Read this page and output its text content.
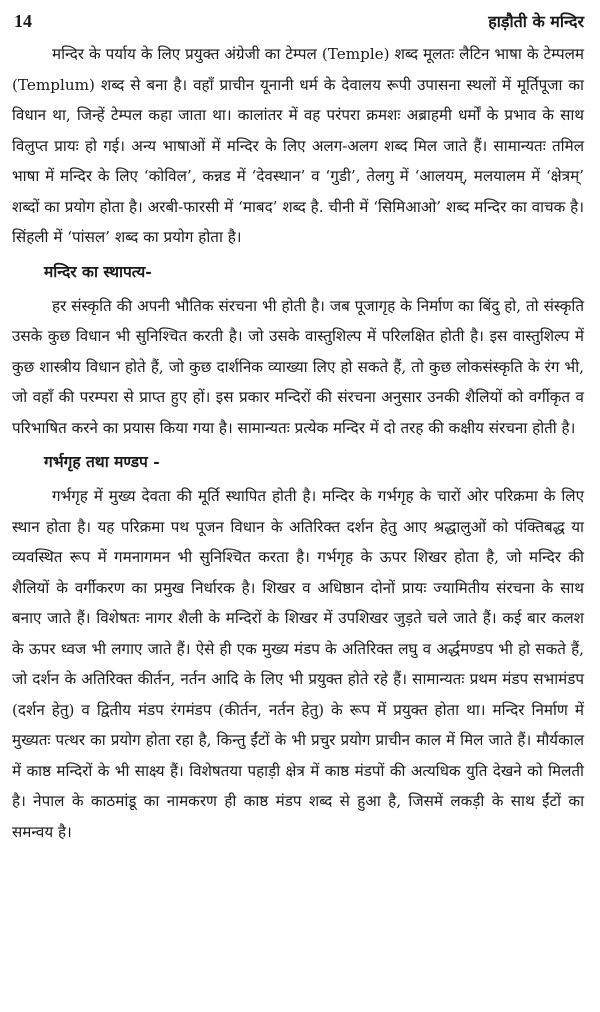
14	हाड़ौती के मन्दिर

मन्दिर के पर्याय के लिए प्रयुक्त अंग्रेजी का टेम्पल (Temple) शब्द मूलतः लैटिन भाषा के टेम्पलम (Templum) शब्द से बना है। वहाँ प्राचीन यूनानी धर्म के देवालय रूपी उपासना स्थलों में मूर्तिपूजा का विधान था, जिन्हें टेम्पल कहा जाता था। कालांतर में वह परंपरा क्रमशः अब्राहमी धर्मों के प्रभाव के साथ विलुप्त प्रायः हो गई। अन्य भाषाओं में मन्दिर के लिए अलग-अलग शब्द मिल जाते हैं। सामान्यतः तमिल भाषा में मन्दिर के लिए ‘कोविल’, कन्नड में ‘देवस्थान’ व ‘गुडी’, तेलगु में ‘आलयम्, मलयालम में ‘क्षेत्रम्’ शब्दों का प्रयोग होता है। अरबी-फारसी में ‘माबद’ शब्द है. चीनी में ‘सिमिआओ’ शब्द मन्दिर का वाचक है। सिंहली में ‘पांसल’ शब्द का प्रयोग होता है।

मन्दिर का स्थापत्य-

हर संस्कृति की अपनी भौतिक संरचना भी होती है। जब पूजागृह के निर्माण का बिंदु हो, तो संस्कृति उसके कुछ विधान भी सुनिश्चित करती है। जो उसके वास्तुशिल्प में परिलक्षित होती है। इस वास्तुशिल्प में कुछ शास्त्रीय विधान होते हैं, जो कुछ दार्शनिक व्याख्या लिए हो सकते हैं, तो कुछ लोकसंस्कृति के रंग भी, जो वहाँ की परम्परा से प्राप्त हुए हों। इस प्रकार मन्दिरों की संरचना अनुसार उनकी शैलियों को वर्गीकृत व परिभाषित करने का प्रयास किया गया है। सामान्यतः प्रत्येक मन्दिर में दो तरह की कक्षीय संरचना होती है।

गर्भगृह तथा मण्डप -

गर्भगृह में मुख्य देवता की मूर्ति स्थापित होती है। मन्दिर के गर्भगृह के चारों ओर परिक्रमा के लिए स्थान होता है। यह परिक्रमा पथ पूजन विधान के अतिरिक्त दर्शन हेतु आए श्रद्धालुओं को पंक्तिबद्ध या व्यवस्थित रूप में गमनागमन भी सुनिश्चित करता है। गर्भगृह के ऊपर शिखर होता है, जो मन्दिर की शैलियों के वर्गीकरण का प्रमुख निर्धारक है। शिखर व अधिष्ठान दोनों प्रायः ज्यामितीय संरचना के साथ बनाए जाते हैं। विशेषतः नागर शैली के मन्दिरों के शिखर में उपशिखर जुड़ते चले जाते हैं। कई बार कलश के ऊपर ध्वज भी लगाए जाते हैं। ऐसे ही एक मुख्य मंडप के अतिरिक्त लघु व अर्द्धमण्डप भी हो सकते हैं, जो दर्शन के अतिरिक्त कीर्तन, नर्तन आदि के लिए भी प्रयुक्त होते रहे हैं। सामान्यतः प्रथम मंडप सभामंडप (दर्शन हेतु) व द्वितीय मंडप रंगमंडप (कीर्तन, नर्तन हेतु) के रूप में प्रयुक्त होता था। मन्दिर निर्माण में मुख्यतः पत्थर का प्रयोग होता रहा है, किन्तु ईंटों के भी प्रचुर प्रयोग प्राचीन काल में मिल जाते हैं। मौर्यकाल में काष्ठ मन्दिरों के भी साक्ष्य हैं। विशेषतया पहाड़ी क्षेत्र में काष्ठ मंडपों की अत्यधिक युति देखने को मिलती है। नेपाल के काठमांडू का नामकरण ही काष्ठ मंडप शब्द से हुआ है, जिसमें लकड़ी के साथ ईंटों का समन्वय है।
